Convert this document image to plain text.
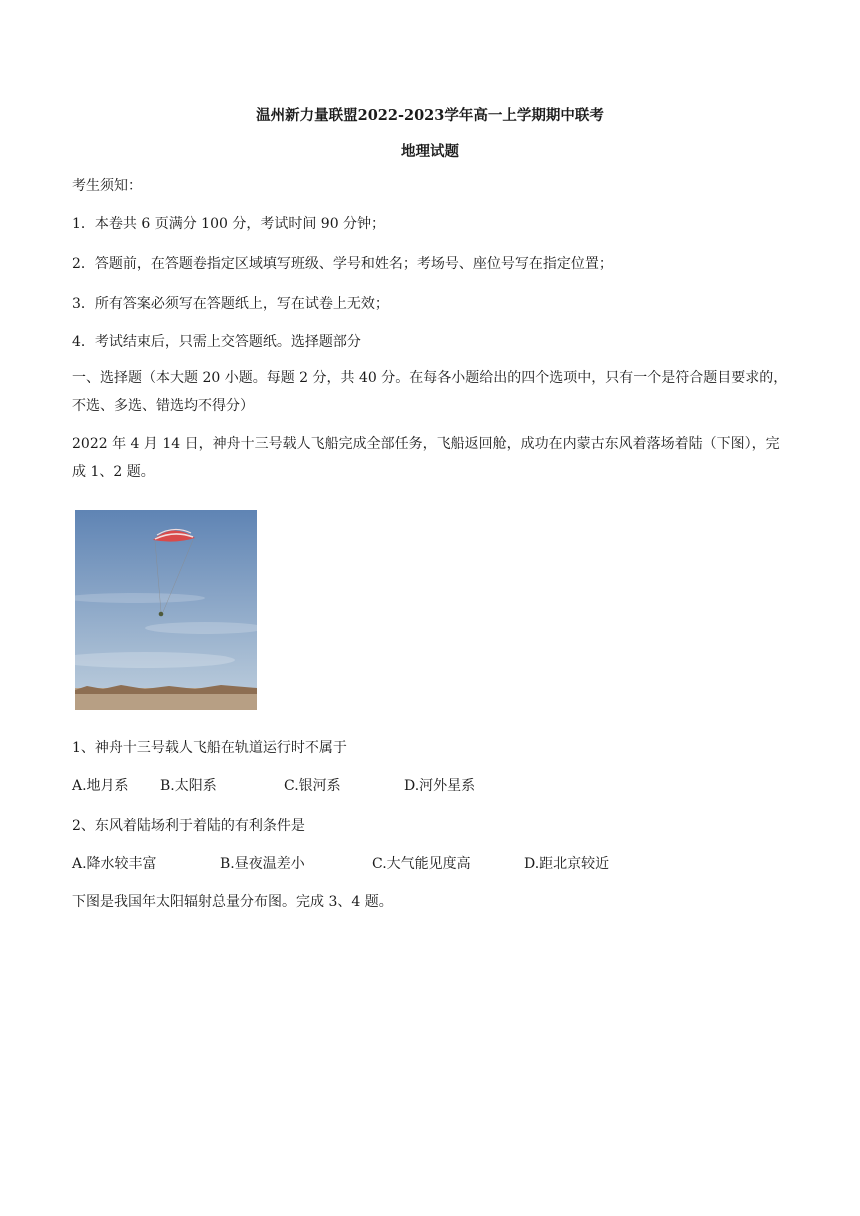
温州新力量联盟2022-2023学年高一上学期期中联考
地理试题
考生须知：
1．本卷共 6 页满分 100 分，考试时间 90 分钟；
2．答题前，在答题卷指定区域填写班级、学号和姓名；考场号、座位号写在指定位置；
3．所有答案必须写在答题纸上，写在试卷上无效；
4．考试结束后，只需上交答题纸。选择题部分
一、选择题（本大题 20 小题。每题 2 分，共 40 分。在每各小题给出的四个选项中，只有一个是符合题目要求的，不选、多选、错选均不得分）
2022 年 4 月 14 日，神舟十三号载人飞船完成全部任务，飞船返回舱，成功在内蒙古东风着落场着陆（下图），完成 1、2 题。
1、神舟十三号载人飞船在轨道运行时不属于
A.地月系	B.太阳系	C.银河系	D.河外星系
2、东风着陆场利于着陆的有利条件是
A.降水较丰富	B.昼夜温差小	C.大气能见度高	D.距北京较近
下图是我国年太阳辐射总量分布图。完成 3、4 题。
